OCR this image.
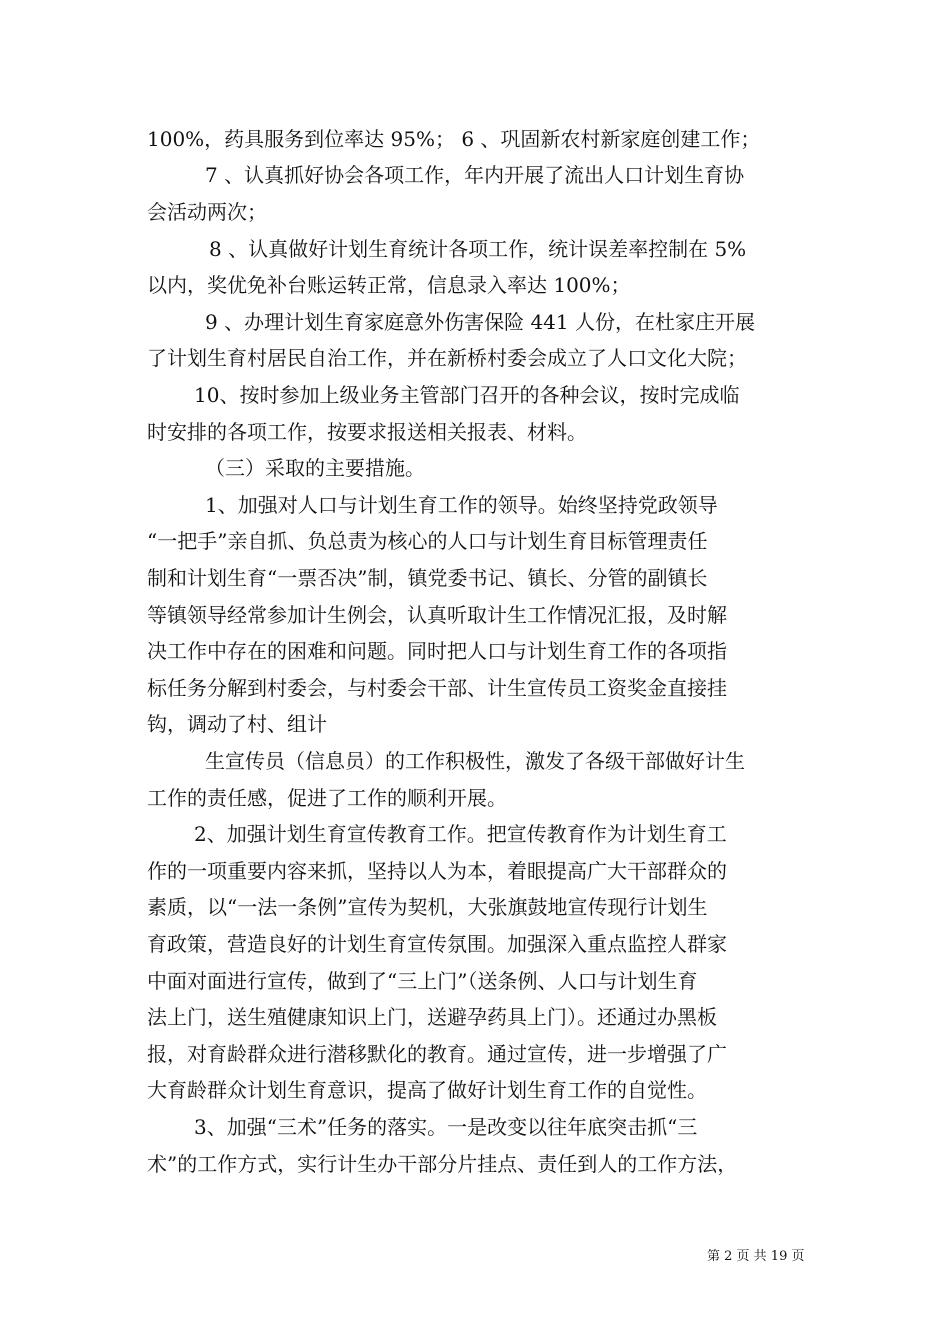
100%，药具服务到位率达 95%； 6 、巩固新农村新家庭创建工作；
7 、认真抓好协会各项工作，年内开展了流出人口计划生育协
会活动两次；
8 、认真做好计划生育统计各项工作，统计误差率控制在 5%
以内，奖优免补台账运转正常，信息录入率达 100%；
9 、办理计划生育家庭意外伤害保险 441 人份，在杜家庄开展
了计划生育村居民自治工作，并在新桥村委会成立了人口文化大院；
10、按时参加上级业务主管部门召开的各种会议，按时完成临
时安排的各项工作，按要求报送相关报表、材料。
（三）采取的主要措施。
1、加强对人口与计划生育工作的领导。始终坚持党政领导
“一把手”亲自抓、负总责为核心的人口与计划生育目标管理责任
制和计划生育“一票否决”制，镇党委书记、镇长、分管的副镇长
等镇领导经常参加计生例会，认真听取计生工作情况汇报，及时解
决工作中存在的困难和问题。同时把人口与计划生育工作的各项指
标任务分解到村委会，与村委会干部、计生宣传员工资奖金直接挂
钩，调动了村、组计
生宣传员（信息员）的工作积极性，激发了各级干部做好计生
工作的责任感，促进了工作的顺利开展。
2、加强计划生育宣传教育工作。把宣传教育作为计划生育工
作的一项重要内容来抓，坚持以人为本，着眼提高广大干部群众的
素质，以“一法一条例”宣传为契机，大张旗鼓地宣传现行计划生
育政策，营造良好的计划生育宣传氛围。加强深入重点监控人群家
中面对面进行宣传，做到了“三上门”（送条例、人口与计划生育
法上门，送生殖健康知识上门，送避孕药具上门）。还通过办黑板
报，对育龄群众进行潜移默化的教育。通过宣传，进一步增强了广
大育龄群众计划生育意识，提高了做好计划生育工作的自觉性。
3、加强“三术”任务的落实。一是改变以往年底突击抓“三
术”的工作方式，实行计生办干部分片挂点、责任到人的工作方法，
第 2 页 共 19 页
